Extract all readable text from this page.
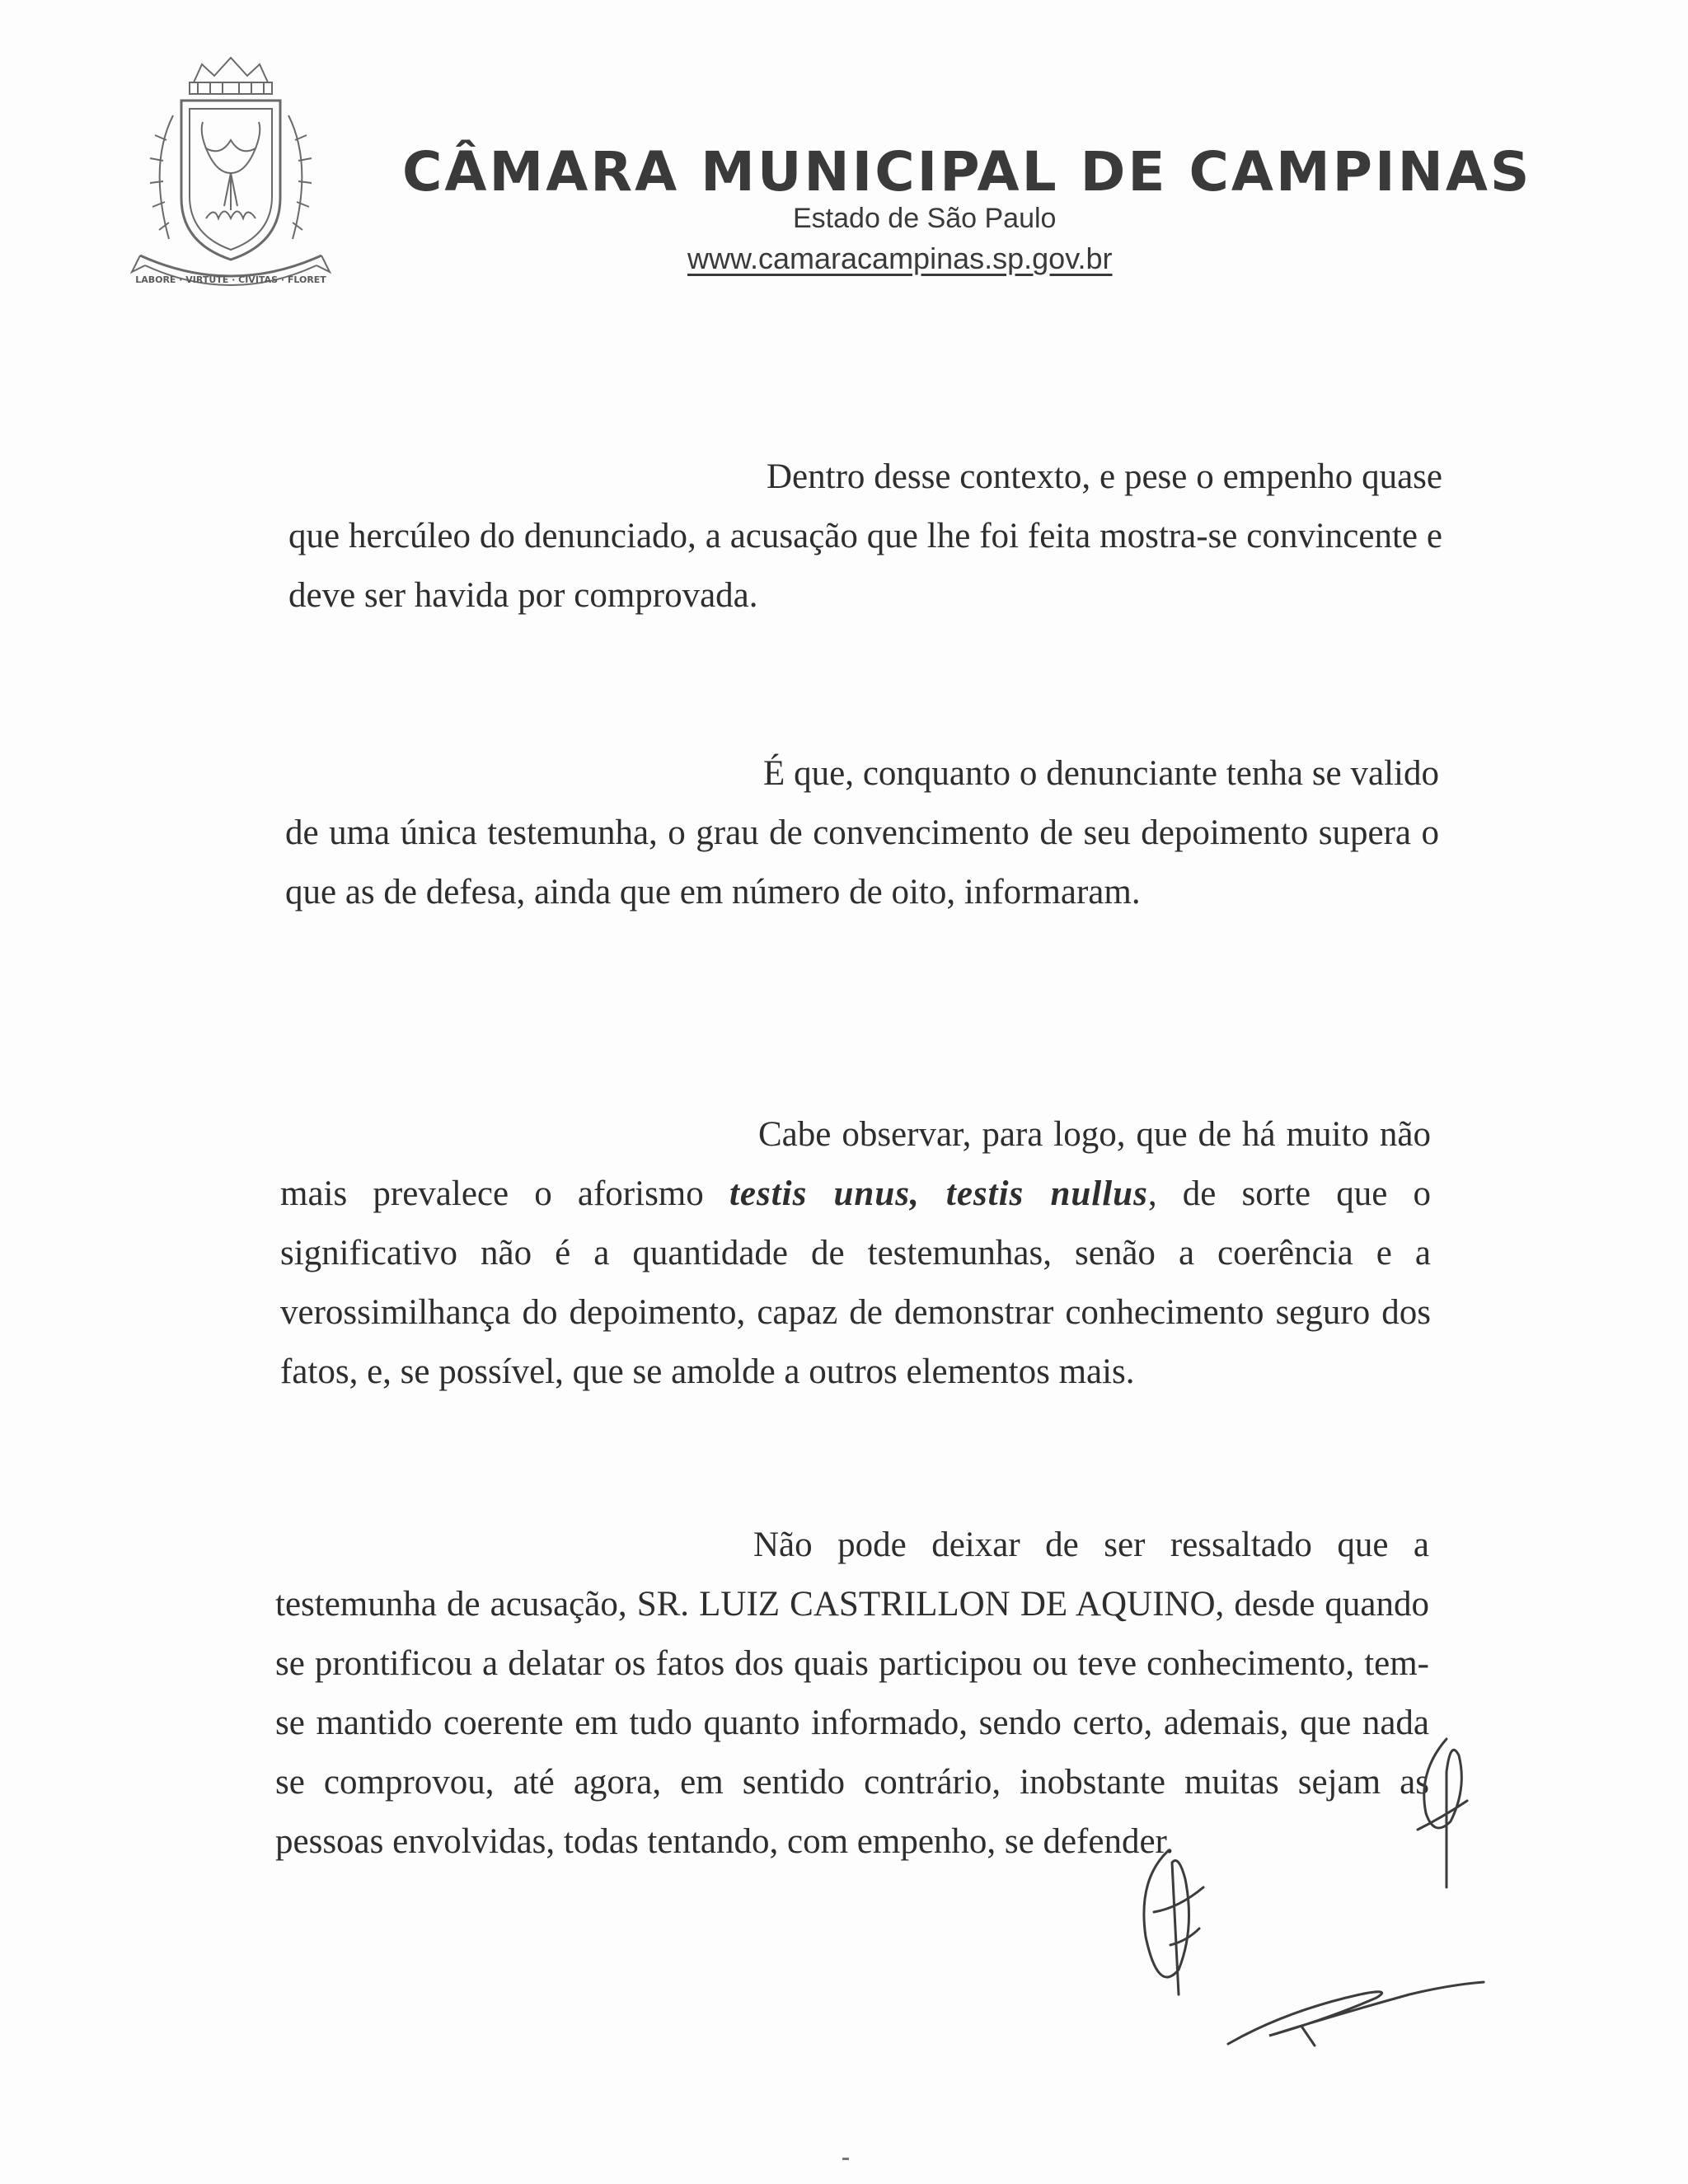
LABORE · VIRTUTE · CIVITAS · FLORET
CÂMARA MUNICIPAL DE CAMPINAS
Estado de São Paulo
www.camaracampinas.sp.gov.br

Dentro desse contexto, e pese o empenho quase que hercúleo do denunciado, a acusação que lhe foi feita mostra-se convincente e deve ser havida por comprovada.

É que, conquanto o denunciante tenha se valido de uma única testemunha, o grau de convencimento de seu depoimento supera o que as de defesa, ainda que em número de oito, informaram.

Cabe observar, para logo, que de há muito não mais prevalece o aforismo testis unus, testis nullus, de sorte que o significativo não é a quantidade de testemunhas, senão a coerência e a verossimilhança do depoimento, capaz de demonstrar conhecimento seguro dos fatos, e, se possível, que se amolde a outros elementos mais.

Não pode deixar de ser ressaltado que a testemunha de acusação, SR. LUIZ CASTRILLON DE AQUINO, desde quando se prontificou a delatar os fatos dos quais participou ou teve conhecimento, tem-se mantido coerente em tudo quanto informado, sendo certo, ademais, que nada se comprovou, até agora, em sentido contrário, inobstante muitas sejam as pessoas envolvidas, todas tentando, com empenho, se defender.
